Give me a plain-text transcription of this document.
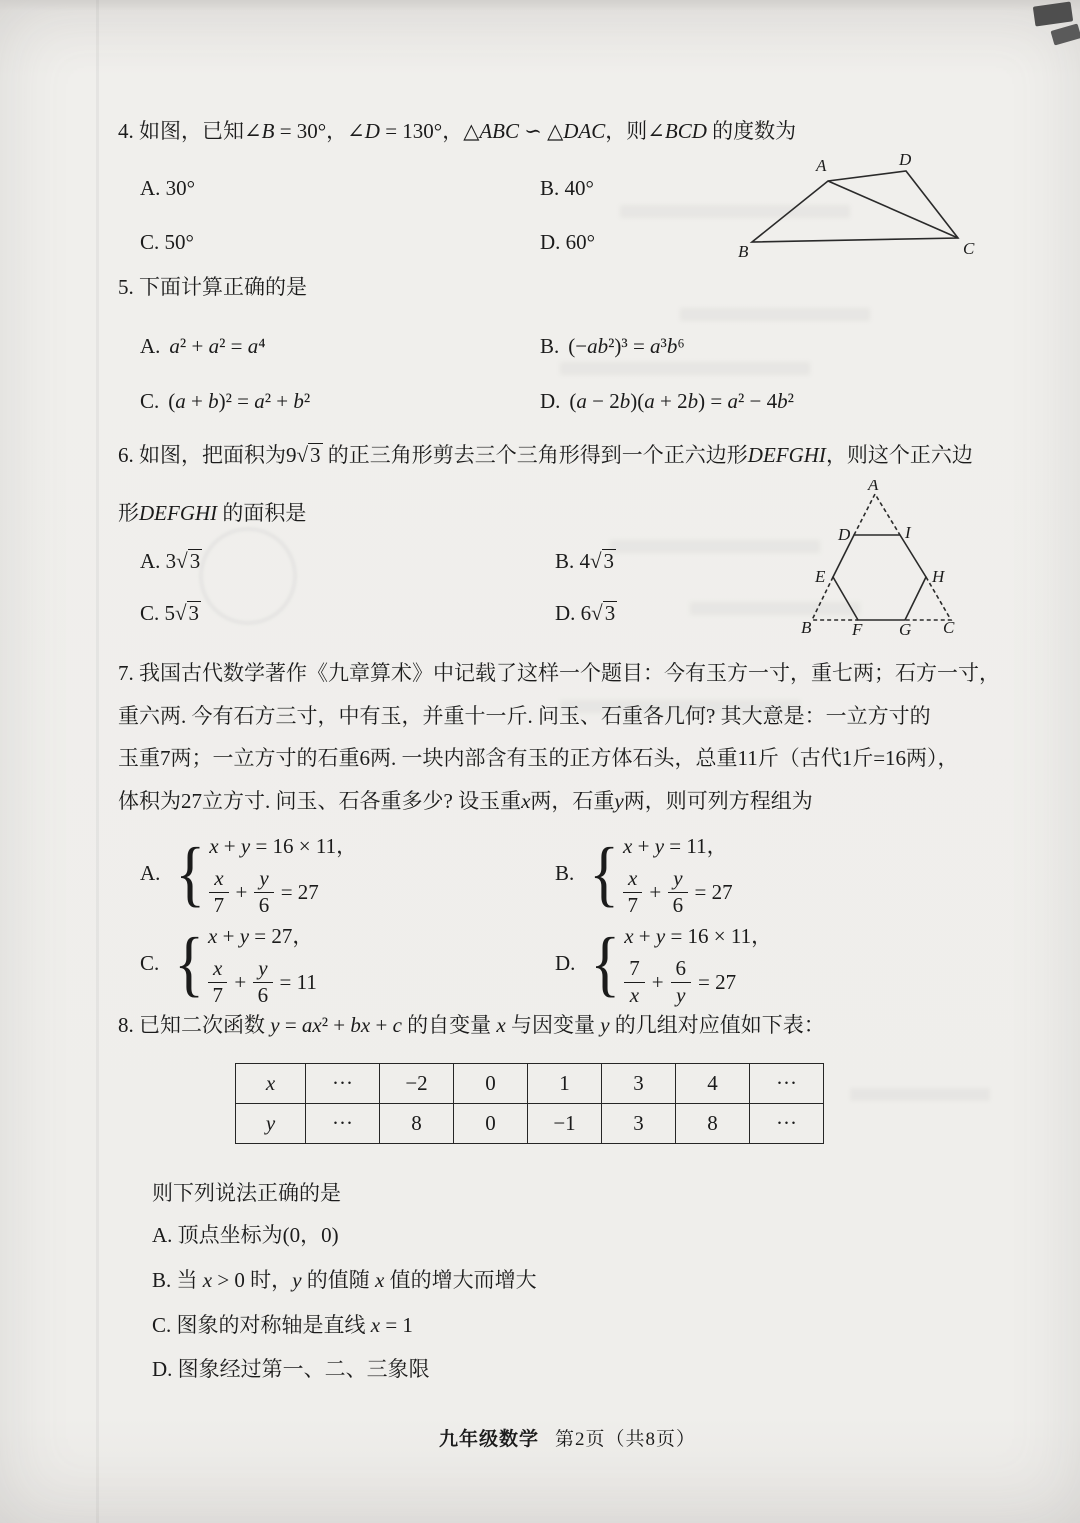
4. 如图，已知∠B = 30°，∠D = 130°，△ABC ∽ △DAC，则∠BCD 的度数为
A. 30°	B. 40°
C. 50°	D. 60°
A	D
B	C
5. 下面计算正确的是
A. a² + a² = a⁴	B. (−ab²)³ = a³b⁶
C. (a + b)² = a² + b²	D. (a − 2b)(a + 2b) = a² − 4b²
6. 如图，把面积为9√3 的正三角形剪去三个三角形得到一个正六边形DEFGHI，则这个正六边
形DEFGHI 的面积是
A. 3√3	B. 4√3
C. 5√3	D. 6√3
A
D	I
E	H
B F G C
7. 我国古代数学著作《九章算术》中记载了这样一个题目：今有玉方一寸，重七两；石方一寸，
重六两. 今有石方三寸，中有玉，并重十一斤. 问玉、石重各几何? 其大意是：一立方寸的
玉重7两；一立方寸的石重6两. 一块内部含有玉的正方体石头，总重11斤（古代1斤=16两），
体积为27立方寸. 问玉、石各重多少? 设玉重x两，石重y两，则可列方程组为
A. { x + y = 16 × 11，
$\frac{x}{7} + \frac{y}{6} = 27$
B. { x + y = 11，
$\frac{x}{7} + \frac{y}{6} = 27$
C. { x + y = 27，
$\frac{x}{7} + \frac{y}{6} = 11$
D. { x + y = 16 × 11，
$\frac{7}{x} + \frac{6}{y} = 27$
8. 已知二次函数 y = ax² + bx + c 的自变量 x 与因变量 y 的几组对应值如下表：
x	···	−2	0	1	3	4	···
y	···	8	0	−1	3	8	···
则下列说法正确的是
A. 顶点坐标为(0，0)
B. 当 x > 0 时，y 的值随 x 值的增大而增大
C. 图象的对称轴是直线 x = 1
D. 图象经过第一、二、三象限
九年级数学 第2页（共8页）
